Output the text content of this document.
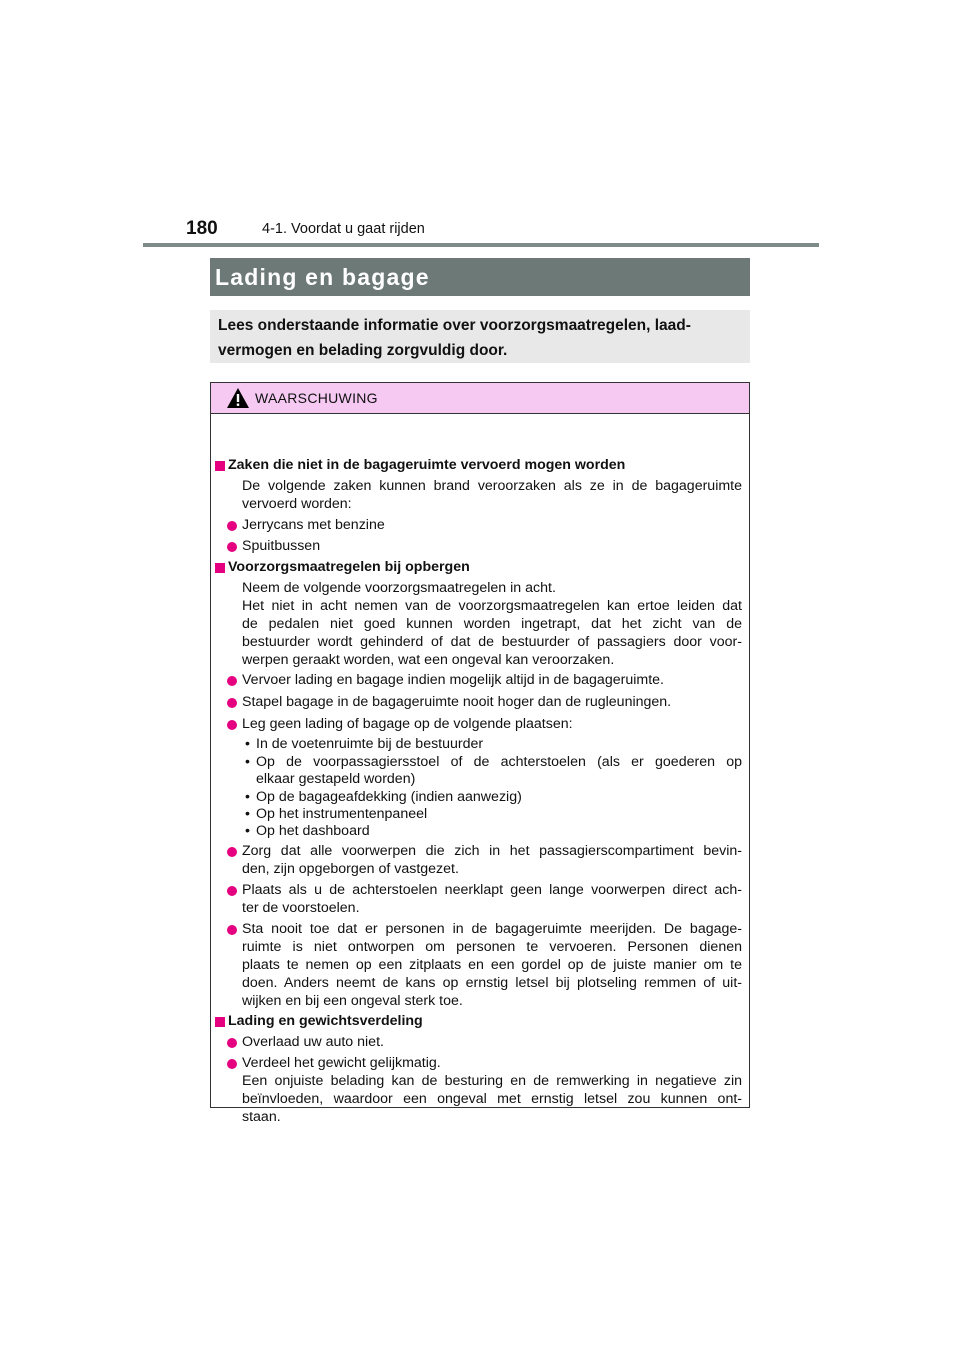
180	4-1. Voordat u gaat rijden
Lading en bagage
Lees onderstaande informatie over voorzorgsmaatregelen, laad-
vermogen en belading zorgvuldig door.
WAARSCHUWING
Zaken die niet in de bagageruimte vervoerd mogen worden
De volgende zaken kunnen brand veroorzaken als ze in de bagageruimte
vervoerd worden:
Jerrycans met benzine
Spuitbussen
Voorzorgsmaatregelen bij opbergen
Neem de volgende voorzorgsmaatregelen in acht.
Het niet in acht nemen van de voorzorgsmaatregelen kan ertoe leiden dat
de pedalen niet goed kunnen worden ingetrapt, dat het zicht van de
bestuurder wordt gehinderd of dat de bestuurder of passagiers door voor-
werpen geraakt worden, wat een ongeval kan veroorzaken.
Vervoer lading en bagage indien mogelijk altijd in de bagageruimte.
Stapel bagage in de bagageruimte nooit hoger dan de rugleuningen.
Leg geen lading of bagage op de volgende plaatsen:
• In de voetenruimte bij de bestuurder
• Op de voorpassagiersstoel of de achterstoelen (als er goederen op
elkaar gestapeld worden)
• Op de bagageafdekking (indien aanwezig)
• Op het instrumentenpaneel
• Op het dashboard
Zorg dat alle voorwerpen die zich in het passagierscompartiment bevin-
den, zijn opgeborgen of vastgezet.
Plaats als u de achterstoelen neerklapt geen lange voorwerpen direct ach-
ter de voorstoelen.
Sta nooit toe dat er personen in de bagageruimte meerijden. De bagage-
ruimte is niet ontworpen om personen te vervoeren. Personen dienen
plaats te nemen op een zitplaats en een gordel op de juiste manier om te
doen. Anders neemt de kans op ernstig letsel bij plotseling remmen of uit-
wijken en bij een ongeval sterk toe.
Lading en gewichtsverdeling
Overlaad uw auto niet.
Verdeel het gewicht gelijkmatig.
Een onjuiste belading kan de besturing en de remwerking in negatieve zin
beïnvloeden, waardoor een ongeval met ernstig letsel zou kunnen ont-
staan.
